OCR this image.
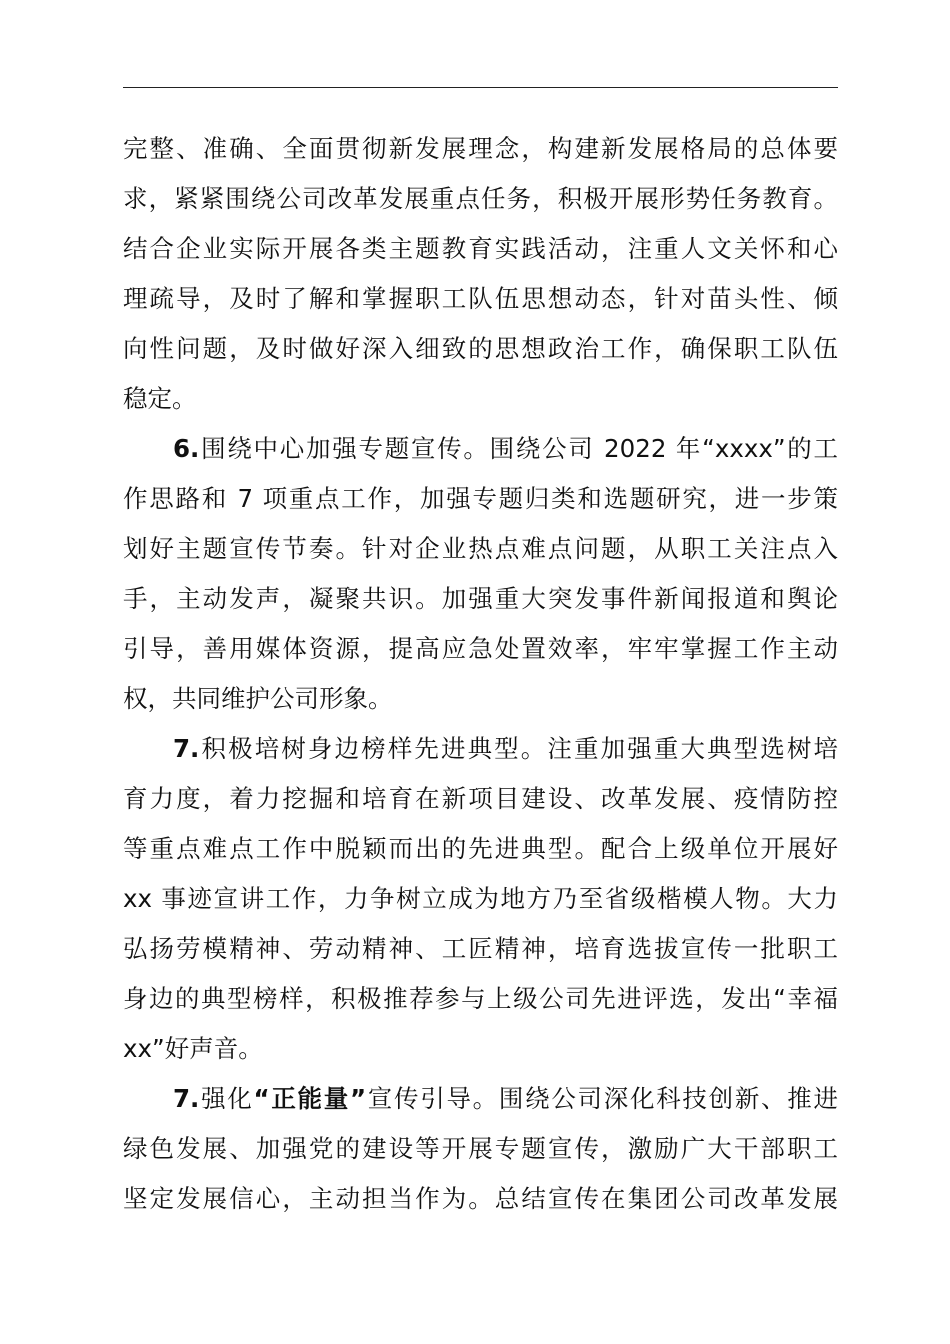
完整、准确、全面贯彻新发展理念，构建新发展格局的总体要
求，紧紧围绕公司改革发展重点任务，积极开展形势任务教育。
结合企业实际开展各类主题教育实践活动，注重人文关怀和心
理疏导，及时了解和掌握职工队伍思想动态，针对苗头性、倾
向性问题，及时做好深入细致的思想政治工作，确保职工队伍
稳定。
6.围绕中心加强专题宣传。围绕公司 2022 年“xxxx”的工
作思路和 7 项重点工作，加强专题归类和选题研究，进一步策
划好主题宣传节奏。针对企业热点难点问题，从职工关注点入
手，主动发声，凝聚共识。加强重大突发事件新闻报道和舆论
引导，善用媒体资源，提高应急处置效率，牢牢掌握工作主动
权，共同维护公司形象。
7.积极培树身边榜样先进典型。注重加强重大典型选树培
育力度，着力挖掘和培育在新项目建设、改革发展、疫情防控
等重点难点工作中脱颖而出的先进典型。配合上级单位开展好
xx 事迹宣讲工作，力争树立成为地方乃至省级楷模人物。大力
弘扬劳模精神、劳动精神、工匠精神，培育选拔宣传一批职工
身边的典型榜样，积极推荐参与上级公司先进评选，发出“幸福
xx”好声音。
7.强化“正能量”宣传引导。围绕公司深化科技创新、推进
绿色发展、加强党的建设等开展专题宣传，激励广大干部职工
坚定发展信心，主动担当作为。总结宣传在集团公司改革发展
